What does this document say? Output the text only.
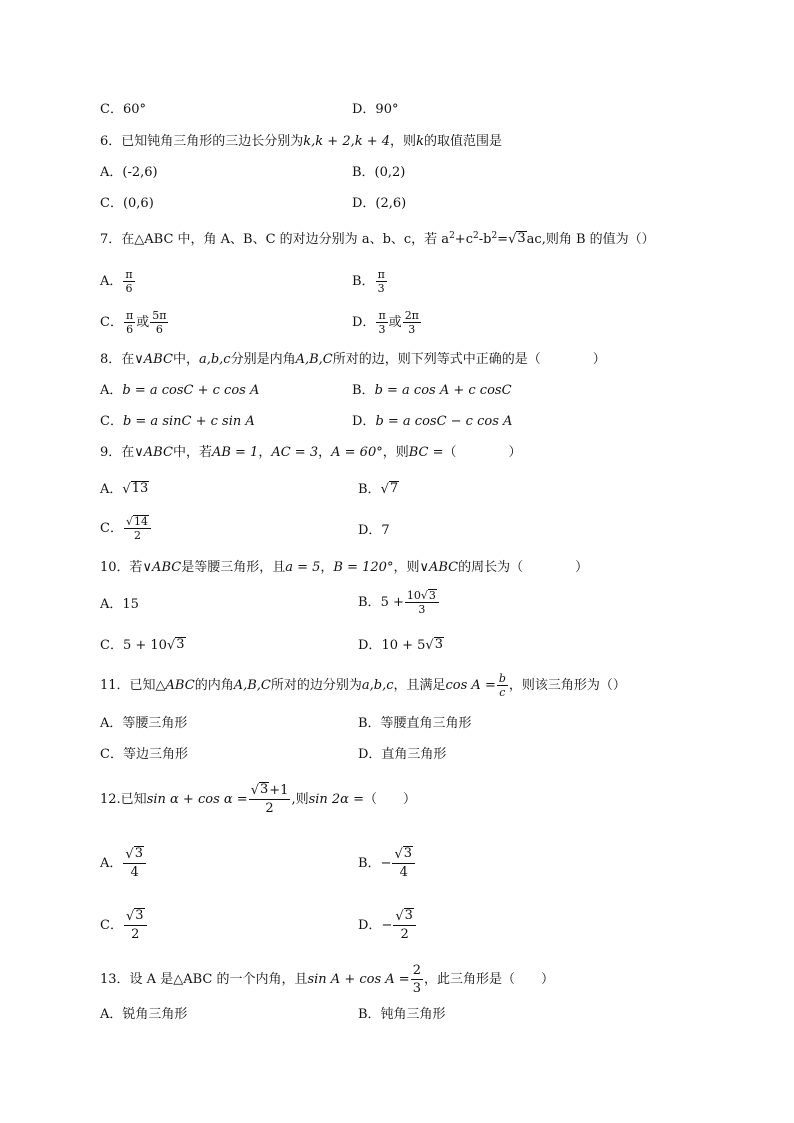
C．60°	D．90°
6．已知钝角三角形的三边长分别为k,k + 2,k + 4，则k的取值范围是
A．(-2,6)	B．(0,2)
C．(0,6)	D．(2,6)
7．在△ABC 中，角 A、B、C 的对边分别为 a、b、c，若 $a^2+c^2-b^2=$ √ 3 ac,则角 B 的值为（）
A． $\frac{\pi}{6}$	B． $\frac{\pi}{3}$
C． $\frac{\pi}{6}$ 或 $\frac{5\pi}{6}$	D． $\frac{\pi}{3}$ 或 $\frac{2\pi}{3}$
8．在∨ABC中，a,b,c分别是内角A,B,C所对的边，则下列等式中正确的是（　　　　）
A． b = a cosC + c cos A	B． b = a cos A + c cosC
C． b = a sinC + c sin A	D． b = a cosC − c cos A
9．在∨ABC中，若AB = 1，AC = 3，A = 60°，则BC =（　　　　）
A． √ 13	B． √ 7
C． $\frac{√ 14}{2}$	D．7
10．若∨ABC是等腰三角形，且a = 5，B = 120°，则∨ABC的周长为（　　　　）
A．15	B． $5 + \frac{10 √ 3}{3}$
C． 5 + 10 √ 3	D． 10 + 5 √ 3
11．已知 △ABC 的内角 A,B,C 所对的边分别为 a,b,c ，且满足 $\cos A = \frac{b}{c}$ ，则该三角形为（）
A．等腰三角形	B．等腰直角三角形
C．等边三角形	D．直角三角形
12.已知 $\sin \alpha + \cos \alpha = \frac{√ 3 +1}{2}$ ,则 sin 2α = （　　）
A． $\frac{√ 3}{4}$	B． − $\frac{√ 3}{4}$
C． $\frac{√ 3}{2}$	D． − $\frac{√ 3}{2}$
13．设 A 是△ABC 的一个内角，且 $\sin A + \cos A = \frac{2}{3}$ ，此三角形是（　　）
A．锐角三角形	B．钝角三角形
